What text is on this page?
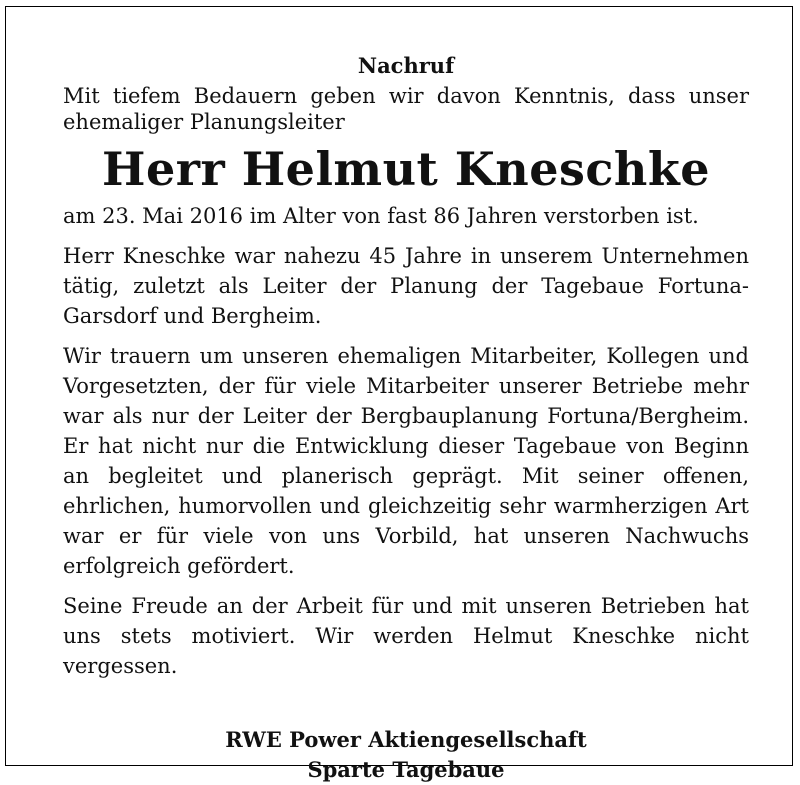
Nachruf

Mit tiefem Bedauern geben wir davon Kenntnis, dass unser ehemaliger Planungsleiter

Herr Helmut Kneschke

am 23. Mai 2016 im Alter von fast 86 Jahren verstorben ist.

Herr Kneschke war nahezu 45 Jahre in unserem Unternehmen tätig, zuletzt als Leiter der Planung der Tagebaue Fortuna-Garsdorf und Bergheim.

Wir trauern um unseren ehemaligen Mitarbeiter, Kollegen und Vorgesetzten, der für viele Mitarbeiter unserer Betriebe mehr war als nur der Leiter der Bergbauplanung Fortuna/Bergheim. Er hat nicht nur die Entwicklung dieser Tagebaue von Beginn an begleitet und planerisch geprägt. Mit seiner offenen, ehrlichen, humorvollen und gleichzeitig sehr warmherzigen Art war er für viele von uns Vorbild, hat unseren Nachwuchs erfolgreich gefördert.

Seine Freude an der Arbeit für und mit unseren Betrieben hat uns stets motiviert. Wir werden Helmut Kneschke nicht vergessen.

RWE Power Aktiengesellschaft
Sparte Tagebaue
